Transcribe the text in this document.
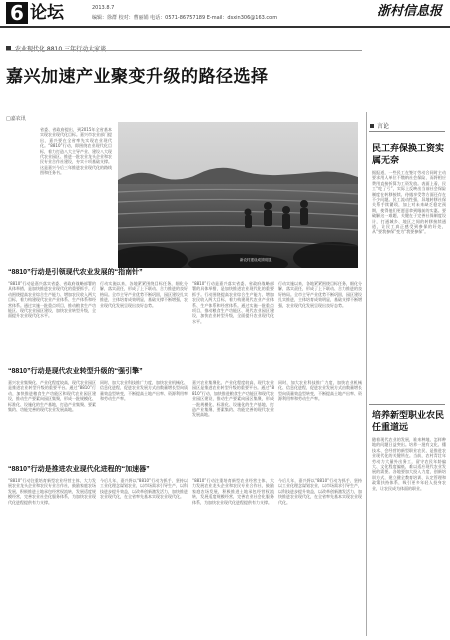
6 论坛	2013.8.7
编辑：徐群 校对：曹丽娟 电话：0571-86757189 E-mail：dsxin306@163.com	浙村信息报
嘉兴加速产业聚变升级的路径选择
□嘉农讯
省委、省政府提出，到2015年全省基本实现农业现代化目标。嘉兴市农业部门提出，嘉兴要在全省率先实现农业现代化。“8810”行动，即围绕农业现代化目标，着力打造八大主导产业、建设八大现代农业园区、推进一批农业龙头企业和农民专业合作社建设，夯实十项基础支撑。这是嘉兴今后三年推进农业现代化的路线图和任务书。
新农村建设成效明显
“8810”行动是引领现代农业发展的“指南针”
“8810”行动是嘉兴落实省委、省政府战略部署的具体举措，是加快推进农业现代化的重要抓手。行动围绕提高农业综合生产能力、增加农民收入两大目标，着力构建现代农业产业体系、生产体系和经营体系。通过实施一批重点项目，推动粮食生产功能区、现代农业园区建设，加快农业转型升级，全面提升农业现代化水平。
行动实施以来，各地紧紧围绕目标任务，细化分解，落实责任，形成了上下联动、合力推进的良好格局。全市主导产业优势不断巩固，园区建设扎实推进，主体培育成效明显，基础支撑不断增强，农业现代化发展呈现出良好态势。
“8810”行动是嘉兴落实省委、省政府战略部署的具体举措，是加快推进农业现代化的重要抓手。行动围绕提高农业综合生产能力、增加农民收入两大目标，着力构建现代农业产业体系、生产体系和经营体系。通过实施一批重点项目，推动粮食生产功能区、现代农业园区建设，加快农业转型升级，全面提升农业现代化水平。
行动实施以来，各地紧紧围绕目标任务，细化分解，落实责任，形成了上下联动、合力推进的良好格局。全市主导产业优势不断巩固，园区建设扎实推进，主体培育成效明显，基础支撑不断增强，农业现代化发展呈现出良好态势。
“8810”行动是现代农业转型升级的“强引擎”
嘉兴农业集聚化、产业化程度较高，现代农业园区是推进农业转型升级的重要平台。通过“8810”行动，加快推进粮食生产功能区和现代农业园区建设，推动生产要素向园区集聚，形成一批规模化、标准化、设施化的生产基地，打造产业集聚、要素集约、功能完善的现代农业发展高地。
同时，加大农业科技推广力度，加快农业机械化、信息化进程，促进农业发展方式由数量增长型向质量效益型转变，不断提高土地产出率、资源利用率和劳动生产率。
嘉兴农业集聚化、产业化程度较高，现代农业园区是推进农业转型升级的重要平台。通过“8810”行动，加快推进粮食生产功能区和现代农业园区建设，推动生产要素向园区集聚，形成一批规模化、标准化、设施化的生产基地，打造产业集聚、要素集约、功能完善的现代农业发展高地。
同时，加大农业科技推广力度，加快农业机械化、信息化进程，促进农业发展方式由数量增长型向质量效益型转变，不断提高土地产出率、资源利用率和劳动生产率。
“8810”行动是推进农业现代化进程的“加速器”
“8810”行动注重培育新型农业经营主体，大力发展农业龙头企业和农民专业合作社，鼓励家庭农场发展，积极推进土地承包经营权流转，发展适度规模经营，完善农业社会化服务体系，为加快农业现代化进程提供有力支撑。
今后几年，嘉兴将以“8810”行动为抓手，坚持以工业化理念谋划农业，以市场需求引导生产，以科技进步提升效益，以改革创新激发活力，加快推进农业现代化，在全省率先基本实现农业现代化。
“8810”行动注重培育新型农业经营主体，大力发展农业龙头企业和农民专业合作社，鼓励家庭农场发展，积极推进土地承包经营权流转，发展适度规模经营，完善农业社会化服务体系，为加快农业现代化进程提供有力支撑。
今后几年，嘉兴将以“8810”行动为抓手，坚持以工业化理念谋划农业，以市场需求引导生产，以科技进步提升效益，以改革创新激发活力，加快推进农业现代化，在全省率先基本实现农业现代化。
言论
民工弃保换工资实属无奈
据报道，一些民工在签订劳动合同时主动要求用人单位不缴纳社会保险，而将相应费用直接折算为工资发放。表面上看，民工“吃了亏”，实际上反映出当前社会保险制度在转移接续、待遇享受等方面还存在不少问题。民工流动性强，异地转移社保关系手续繁琐，加上对未来缺乏稳定预期，使得他们更愿意拿到眼前的实惠。要破解这一难题，关键在于完善社保制度设计，打通城乡、地区之间的转移接续通道，让民工真正感受到参保的好处，从“要我参保”变为“我要参保”。
培养新型职业农民任重道远
随着现代农业的发展，谁来种地、怎样种地的问题日益突出。培养一批有文化、懂技术、会经营的新型职业农民，是推进农业现代化的关键所在。当前，农村青壮年劳动力大量外出务工，留守农民年龄偏大、文化程度偏低，难以适应现代农业发展的需要。各地要加大投入力度，创新培训方式，建立健全教育培训、认定管理和政策扶持体系，吸引更多年轻人投身农业，让农民成为体面的职业。
